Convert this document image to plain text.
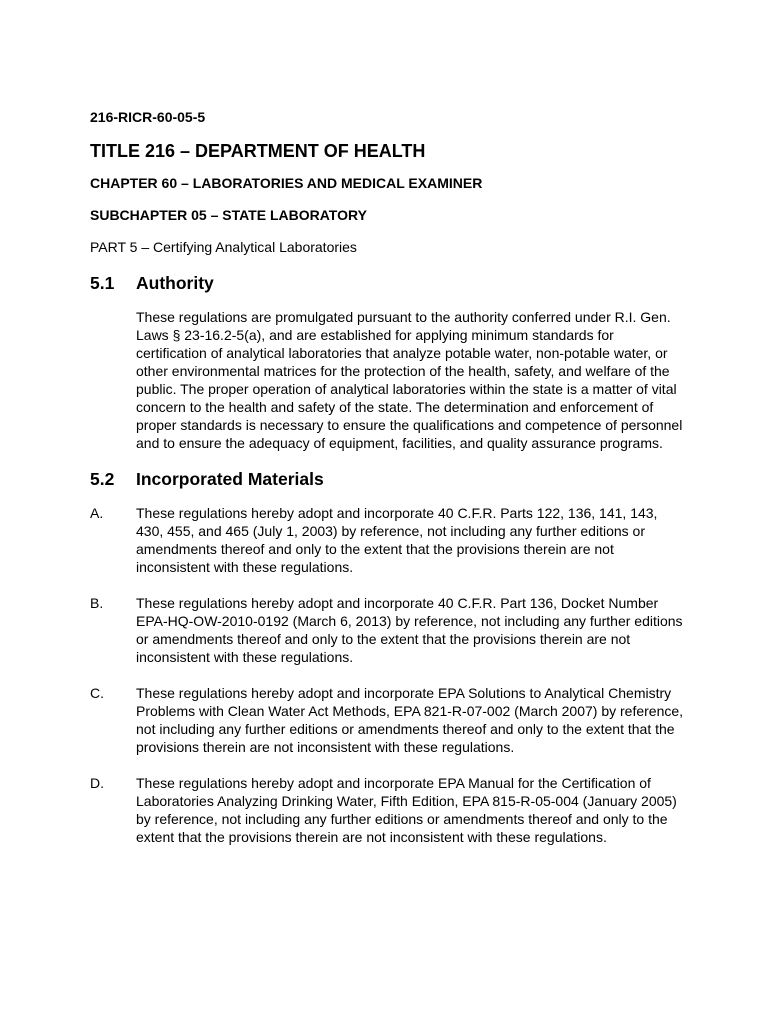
216-RICR-60-05-5
TITLE 216 – DEPARTMENT OF HEALTH
CHAPTER 60 – LABORATORIES AND MEDICAL EXAMINER
SUBCHAPTER 05 – STATE LABORATORY
PART 5 – Certifying Analytical Laboratories
5.1	Authority
These regulations are promulgated pursuant to the authority conferred under R.I. Gen. Laws § 23-16.2-5(a), and are established for applying minimum standards for certification of analytical laboratories that analyze potable water, non-potable water, or other environmental matrices for the protection of the health, safety, and welfare of the public. The proper operation of analytical laboratories within the state is a matter of vital concern to the health and safety of the state. The determination and enforcement of proper standards is necessary to ensure the qualifications and competence of personnel and to ensure the adequacy of equipment, facilities, and quality assurance programs.
5.2	Incorporated Materials
A.	These regulations hereby adopt and incorporate 40 C.F.R. Parts 122, 136, 141, 143, 430, 455, and 465 (July 1, 2003) by reference, not including any further editions or amendments thereof and only to the extent that the provisions therein are not inconsistent with these regulations.
B.	These regulations hereby adopt and incorporate 40 C.F.R. Part 136, Docket Number EPA-HQ-OW-2010-0192 (March 6, 2013) by reference, not including any further editions or amendments thereof and only to the extent that the provisions therein are not inconsistent with these regulations.
C.	These regulations hereby adopt and incorporate EPA Solutions to Analytical Chemistry Problems with Clean Water Act Methods, EPA 821-R-07-002 (March 2007) by reference, not including any further editions or amendments thereof and only to the extent that the provisions therein are not inconsistent with these regulations.
D.	These regulations hereby adopt and incorporate EPA Manual for the Certification of Laboratories Analyzing Drinking Water, Fifth Edition, EPA 815-R-05-004 (January 2005) by reference, not including any further editions or amendments thereof and only to the extent that the provisions therein are not inconsistent with these regulations.
